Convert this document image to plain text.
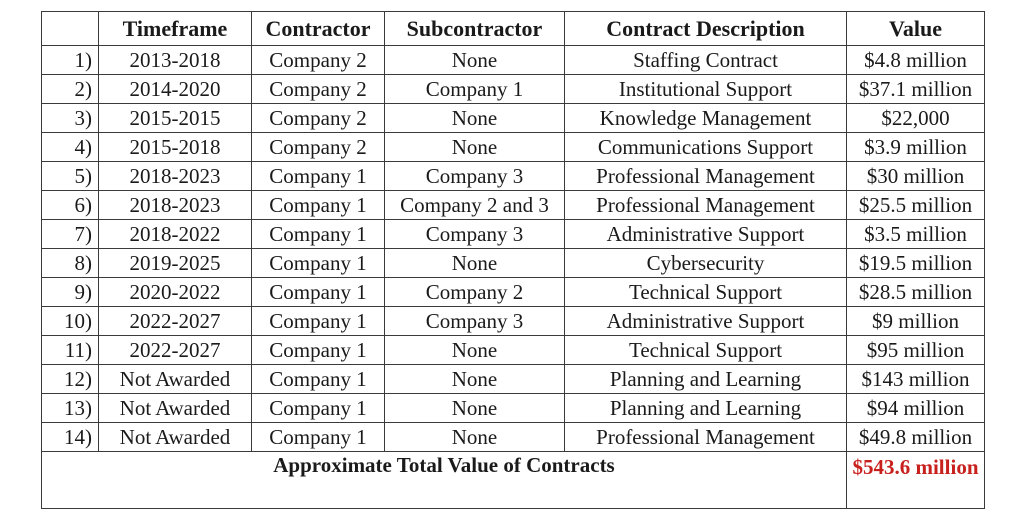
	Timeframe	Contractor	Subcontractor	Contract Description	Value
1)	2013-2018	Company 2	None	Staffing Contract	$4.8 million
2)	2014-2020	Company 2	Company 1	Institutional Support	$37.1 million
3)	2015-2015	Company 2	None	Knowledge Management	$22,000
4)	2015-2018	Company 2	None	Communications Support	$3.9 million
5)	2018-2023	Company 1	Company 3	Professional Management	$30 million
6)	2018-2023	Company 1	Company 2 and 3	Professional Management	$25.5 million
7)	2018-2022	Company 1	Company 3	Administrative Support	$3.5 million
8)	2019-2025	Company 1	None	Cybersecurity	$19.5 million
9)	2020-2022	Company 1	Company 2	Technical Support	$28.5 million
10)	2022-2027	Company 1	Company 3	Administrative Support	$9 million
11)	2022-2027	Company 1	None	Technical Support	$95 million
12)	Not Awarded	Company 1	None	Planning and Learning	$143 million
13)	Not Awarded	Company 1	None	Planning and Learning	$94 million
14)	Not Awarded	Company 1	None	Professional Management	$49.8 million
Approximate Total Value of Contracts					$543.6 million
